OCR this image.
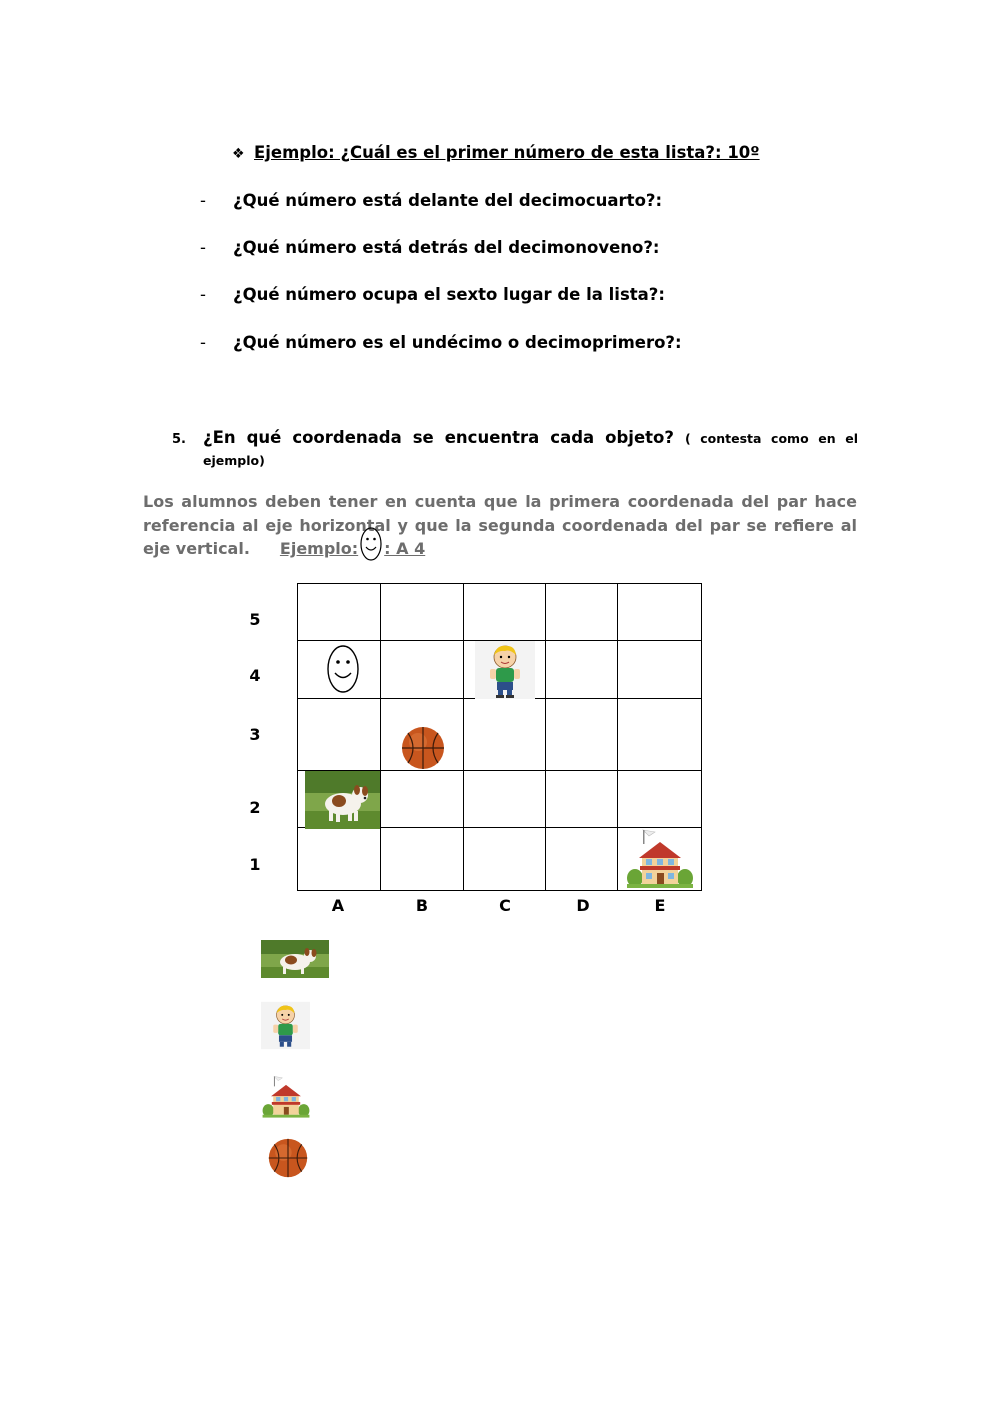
❖ Ejemplo: ¿Cuál es el primer número de esta lista?: 10º
- ¿Qué número está delante del decimocuarto?:
- ¿Qué número está detrás del decimonoveno?:
- ¿Qué número ocupa el sexto lugar de la lista?:
- ¿Qué número es el undécimo o decimoprimero?:
5. ¿En qué coordenada se encuentra cada objeto? ( contesta como en el
ejemplo)
Los alumnos deben tener en cuenta que la primera coordenada del par hace
referencia al eje horizontal y que la segunda coordenada del par se refiere al
eje vertical. Ejemplo: : A 4
5
4
3
2
1

A	B	C	D	E
